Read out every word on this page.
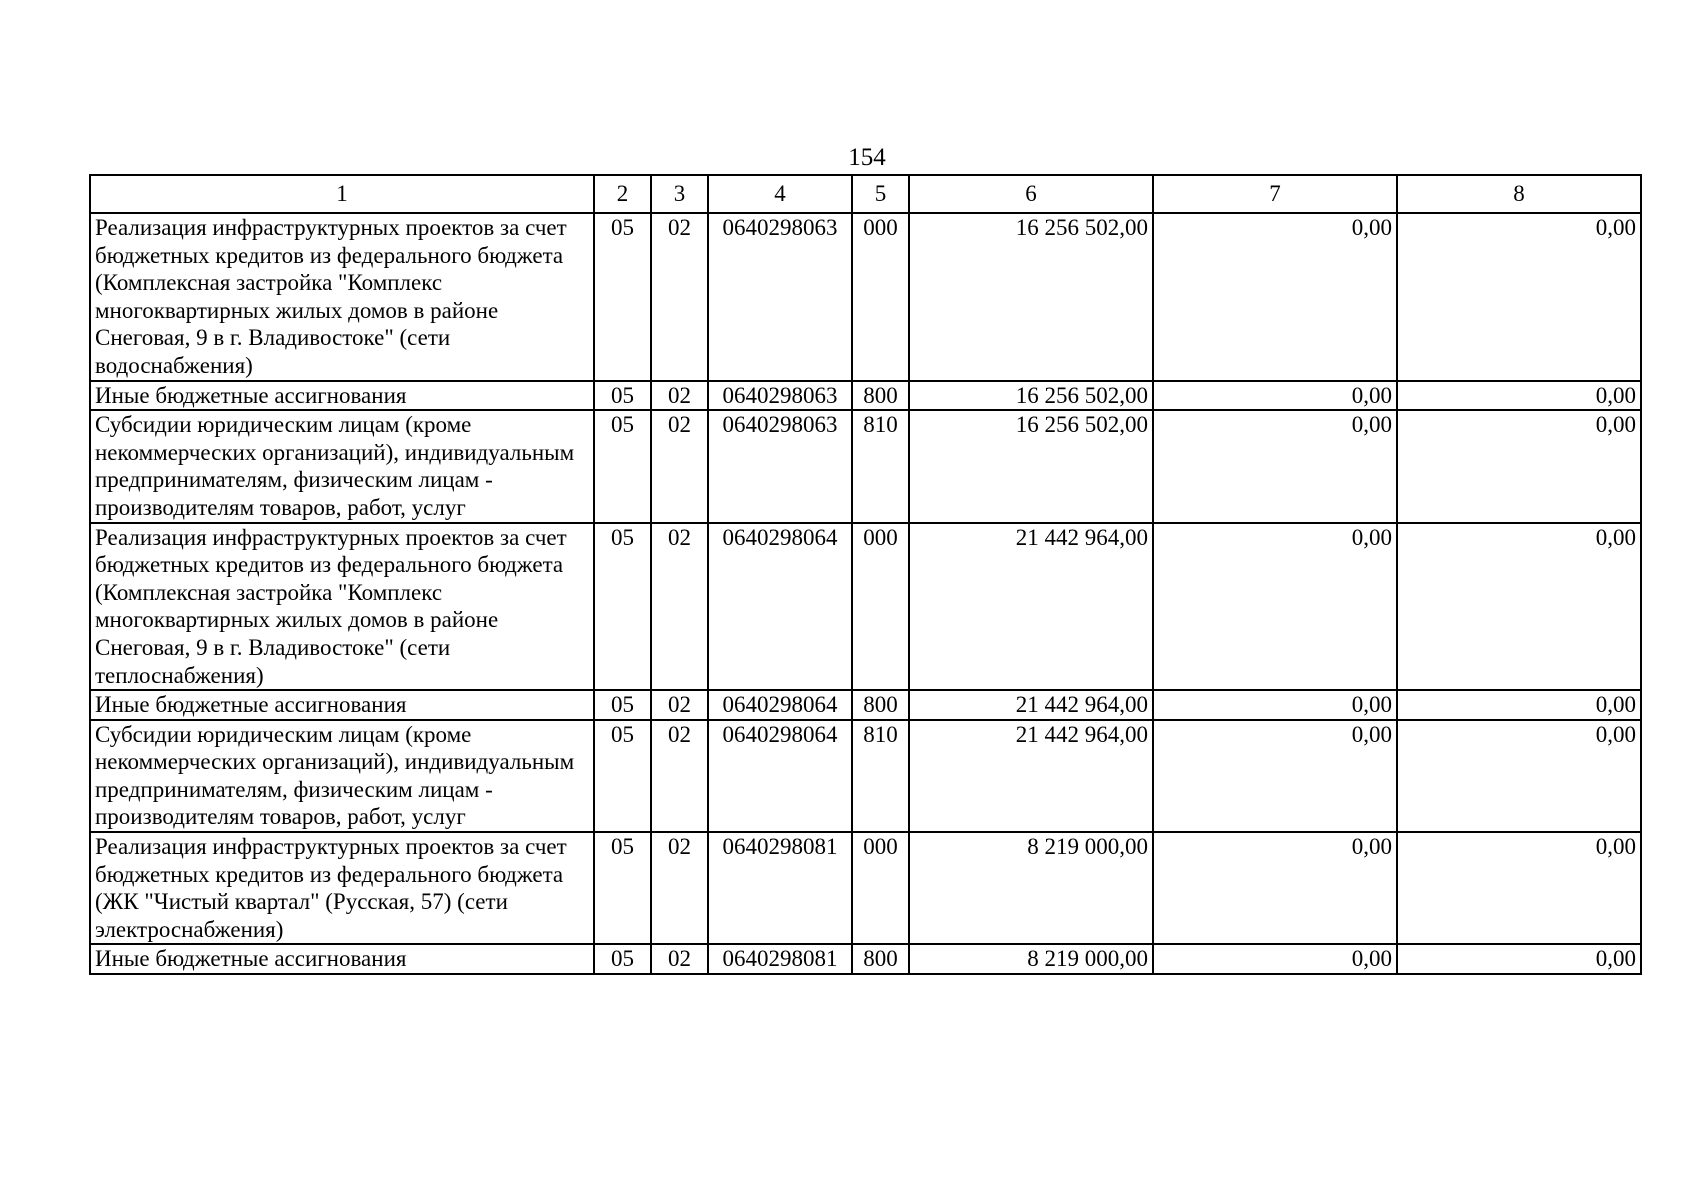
154
1	2	3	4	5	6	7	8
Реализация инфраструктурных проектов за счет бюджетных кредитов из федерального бюджета (Комплексная застройка "Комплекс многоквартирных жилых домов в районе Снеговая, 9 в г. Владивостоке" (сети водоснабжения)	05	02	0640298063	000	16 256 502,00	0,00	0,00
Иные бюджетные ассигнования	05	02	0640298063	800	16 256 502,00	0,00	0,00
Субсидии юридическим лицам (кроме некоммерческих организаций), индивидуальным предпринимателям, физическим лицам - производителям товаров, работ, услуг	05	02	0640298063	810	16 256 502,00	0,00	0,00
Реализация инфраструктурных проектов за счет бюджетных кредитов из федерального бюджета (Комплексная застройка "Комплекс многоквартирных жилых домов в районе Снеговая, 9 в г. Владивостоке" (сети теплоснабжения)	05	02	0640298064	000	21 442 964,00	0,00	0,00
Иные бюджетные ассигнования	05	02	0640298064	800	21 442 964,00	0,00	0,00
Субсидии юридическим лицам (кроме некоммерческих организаций), индивидуальным предпринимателям, физическим лицам - производителям товаров, работ, услуг	05	02	0640298064	810	21 442 964,00	0,00	0,00
Реализация инфраструктурных проектов за счет бюджетных кредитов из федерального бюджета (ЖК "Чистый квартал" (Русская, 57) (сети электроснабжения)	05	02	0640298081	000	8 219 000,00	0,00	0,00
Иные бюджетные ассигнования	05	02	0640298081	800	8 219 000,00	0,00	0,00
